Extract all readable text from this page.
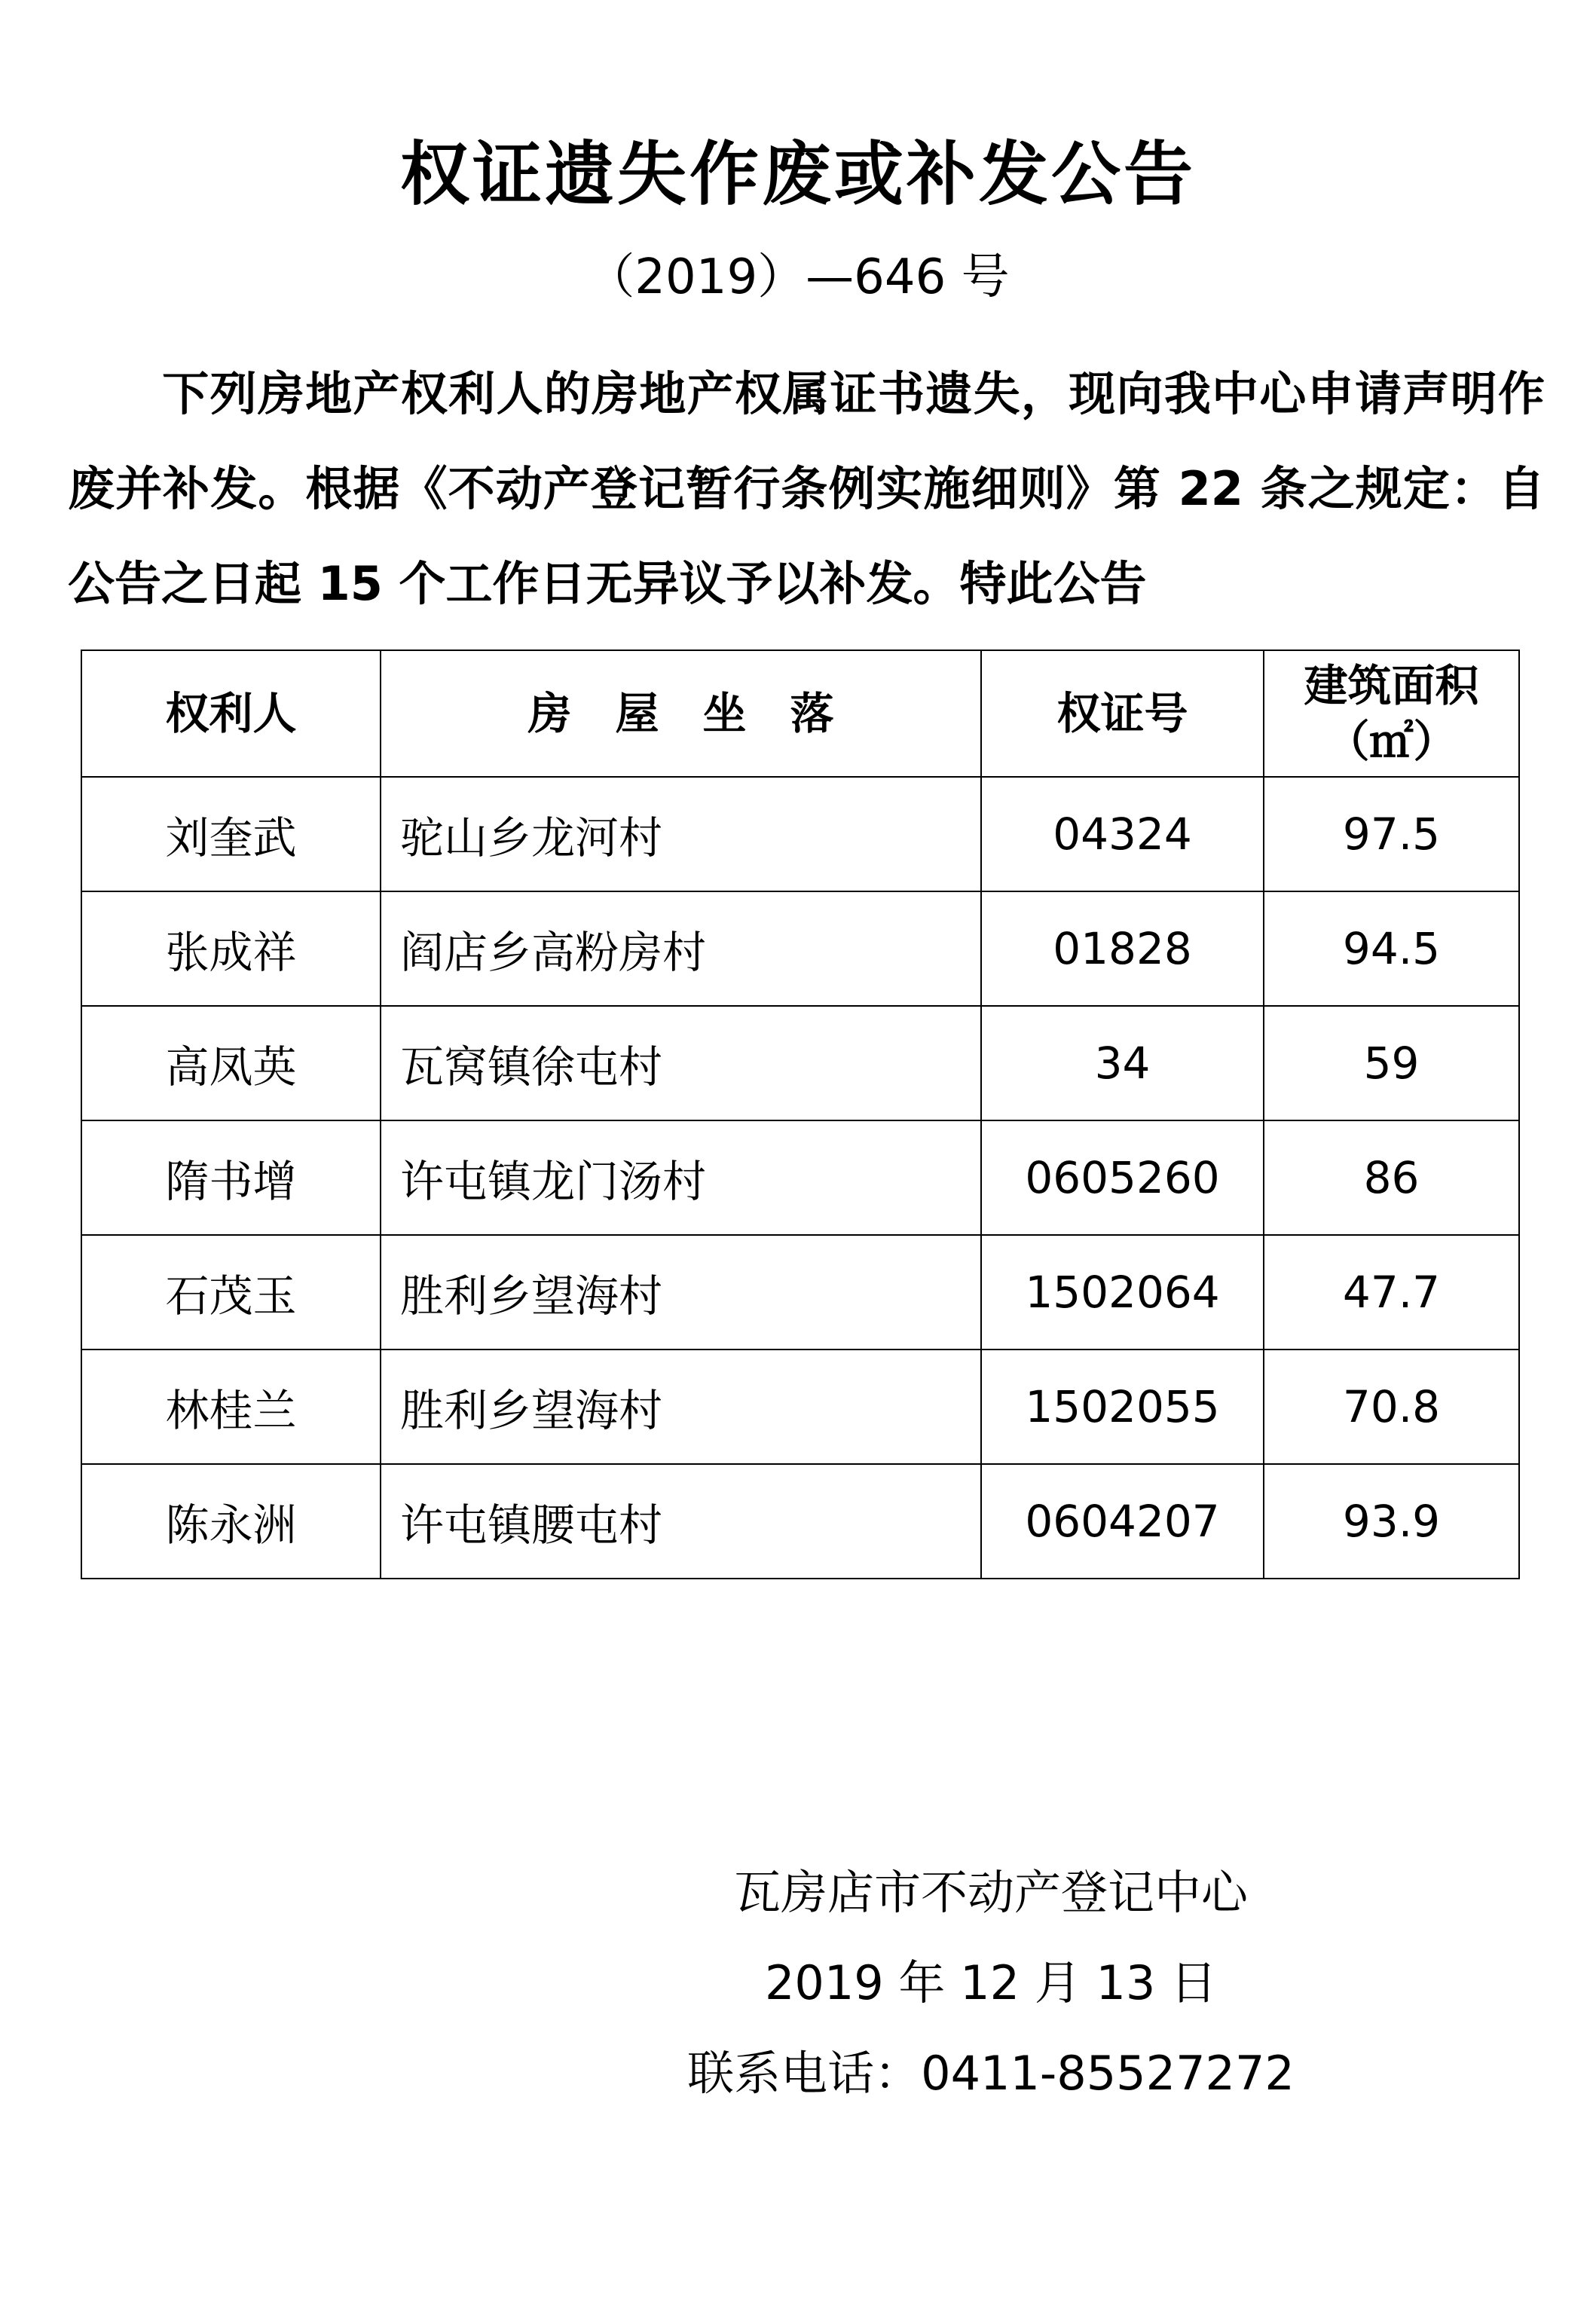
权证遗失作废或补发公告
（2019）—646 号

下列房地产权利人的房地产权属证书遗失，现向我中心申请声明作废并补发。根据《不动产登记暂行条例实施细则》第 22 条之规定：自公告之日起 15 个工作日无异议予以补发。特此公告

权利人	房　屋　坐　落	权证号	建筑面积
（㎡）

刘奎武	驼山乡龙河村	04324	97.5
张成祥	阎店乡高粉房村	01828	94.5
高凤英	瓦窝镇徐屯村	34	59
隋书增	许屯镇龙门汤村	0605260	86
石茂玉	胜利乡望海村	1502064	47.7
林桂兰	胜利乡望海村	1502055	70.8
陈永洲	许屯镇腰屯村	0604207	93.9
瓦房店市不动产登记中心
2019 年 12 月 13 日
联系电话：0411-85527272
